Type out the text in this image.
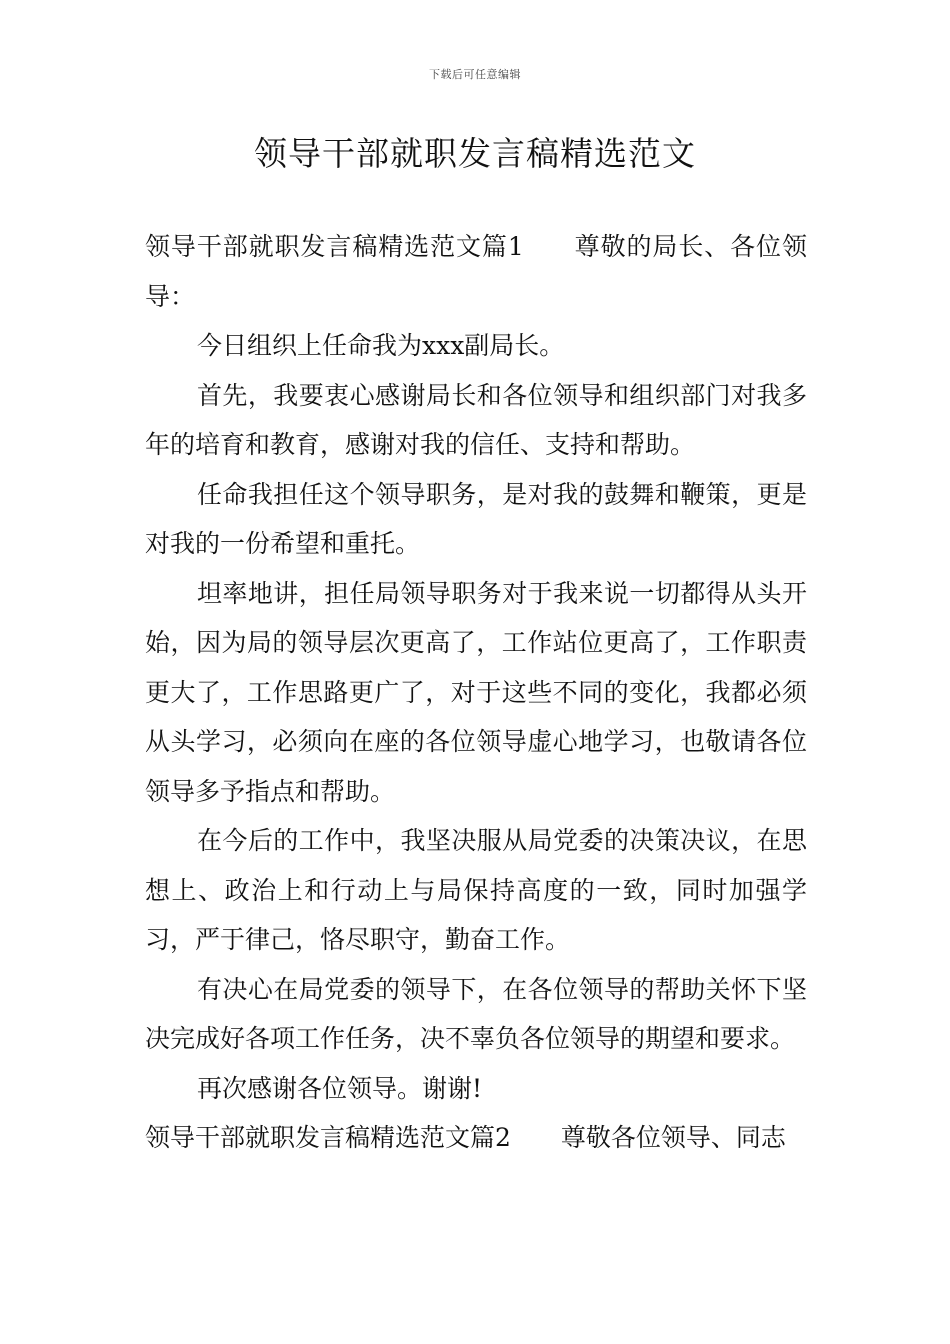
下载后可任意编辑
领导干部就职发言稿精选范文

领导干部就职发言稿精选范文篇1 尊敬的局长、各位领导：

今日组织上任命我为xxx副局长。

首先，我要衷心感谢局长和各位领导和组织部门对我多年的培育和教育，感谢对我的信任、支持和帮助。

任命我担任这个领导职务，是对我的鼓舞和鞭策，更是对我的一份希望和重托。

坦率地讲，担任局领导职务对于我来说一切都得从头开始，因为局的领导层次更高了，工作站位更高了，工作职责更大了，工作思路更广了，对于这些不同的变化，我都必须从头学习，必须向在座的各位领导虚心地学习，也敬请各位领导多予指点和帮助。

在今后的工作中，我坚决服从局党委的决策决议，在思想上、政治上和行动上与局保持高度的一致，同时加强学习，严于律己，恪尽职守，勤奋工作。

有决心在局党委的领导下，在各位领导的帮助关怀下坚决完成好各项工作任务，决不辜负各位领导的期望和要求。

再次感谢各位领导。谢谢!

领导干部就职发言稿精选范文篇2 尊敬各位领导、同志
